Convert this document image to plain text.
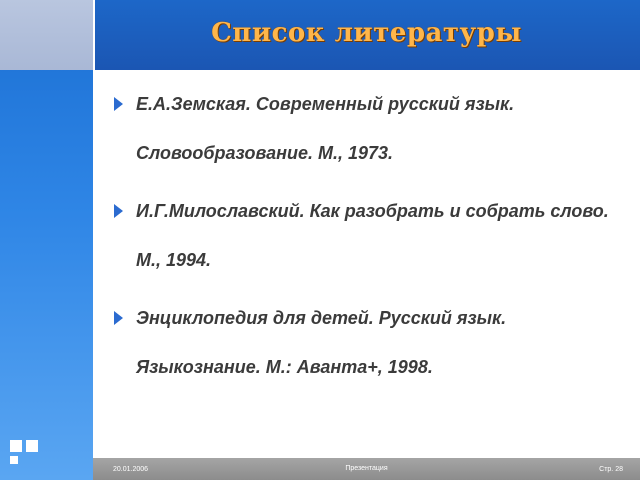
Список литературы
Е.А.Земская. Современный русский язык. Словообразование. М., 1973.
И.Г.Милославский. Как разобрать и собрать слово. М., 1994.
Энциклопедия для детей. Русский язык. Языкознание. М.: Аванта+, 1998.
20.01.2006	Презентация	Стр. 28
